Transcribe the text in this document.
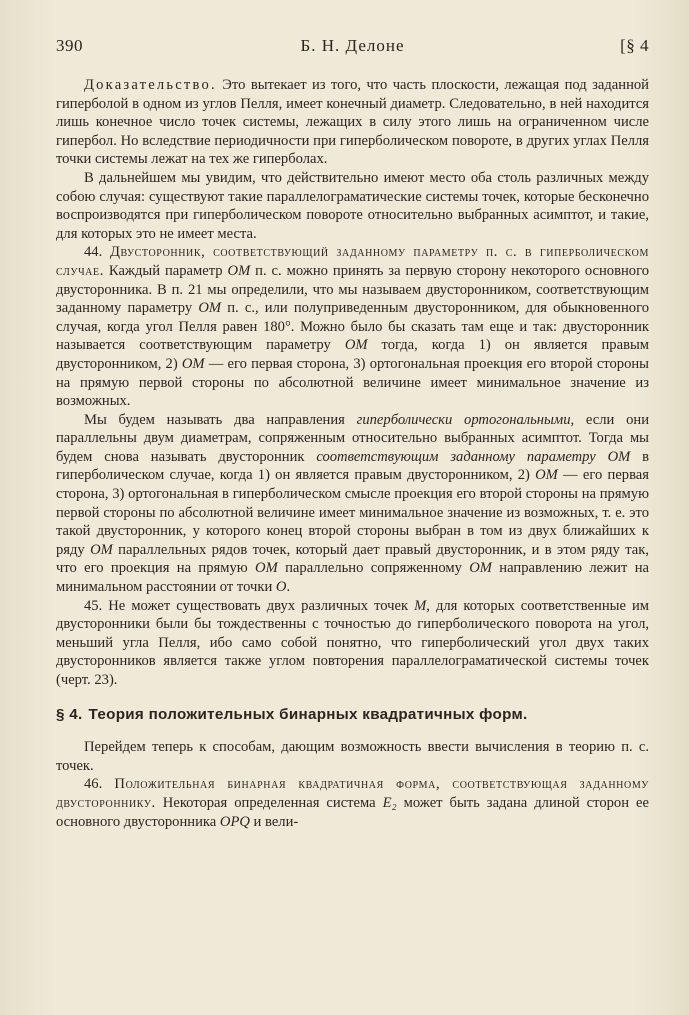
390	Б. Н. Делоне	[§ 4

Доказательство. Это вытекает из того, что часть плоскости, лежащая под заданной гиперболой в одном из углов Пелля, имеет конечный диаметр. Следовательно, в ней находится лишь конечное число точек системы, лежащих в силу этого лишь на ограниченном числе гипербол. Но вследствие периодичности при гиперболическом повороте, в других углах Пелля точки системы лежат на тех же гиперболах.

В дальнейшем мы увидим, что действительно имеют место оба столь различных между собою случая: существуют такие параллелограматические системы точек, которые бесконечно воспроизводятся при гиперболическом повороте относительно выбранных асимптот, и такие, для которых это не имеет места.

44. Двусторонник, соответствующий заданному параметру п. с. в гиперболическом случае. Каждый параметр OM п. с. можно принять за первую сторону некоторого основного двусторонника. В п. 21 мы определили, что мы называем двусторонником, соответствующим заданному параметру OM п. с., или полуприведенным двусторонником, для обыкновенного случая, когда угол Пелля равен 180°. Можно было бы сказать там еще и так: двусторонник называется соответствующим параметру OM тогда, когда 1) он является правым двусторонником, 2) OM — его первая сторона, 3) ортогональная проекция его второй стороны на прямую первой стороны по абсолютной величине имеет минимальное значение из возможных.

Мы будем называть два направления гиперболически ортогональными, если они параллельны двум диаметрам, сопряженным относительно выбранных асимптот. Тогда мы будем снова называть двусторонник соответствующим заданному параметру OM в гиперболическом случае, когда 1) он является правым двусторонником, 2) OM — его первая сторона, 3) ортогональная в гиперболическом смысле проекция его второй стороны на прямую первой стороны по абсолютной величине имеет минимальное значение из возможных, т. е. это такой двусторонник, у которого конец второй стороны выбран в том из двух ближайших к ряду OM параллельных рядов точек, который дает правый двусторонник, и в этом ряду так, что его проекция на прямую OM параллельно сопряженному OM направлению лежит на минимальном расстоянии от точки O.

45. Не может существовать двух различных точек M, для которых соответственные им двусторонники были бы тождественны с точностью до гиперболического поворота на угол, меньший угла Пелля, ибо само собой понятно, что гиперболический угол двух таких двусторонников является также углом повторения параллелограматической системы точек (черт. 23).

§ 4. Теория положительных бинарных квадратичных форм.

Перейдем теперь к способам, дающим возможность ввести вычисления в теорию п. с. точек.

46. Положительная бинарная квадратичная форма, соответствующая заданному двустороннику. Некоторая определенная система E₂ может быть задана длиной сторон ее основного двусторонника OPQ и вели-
